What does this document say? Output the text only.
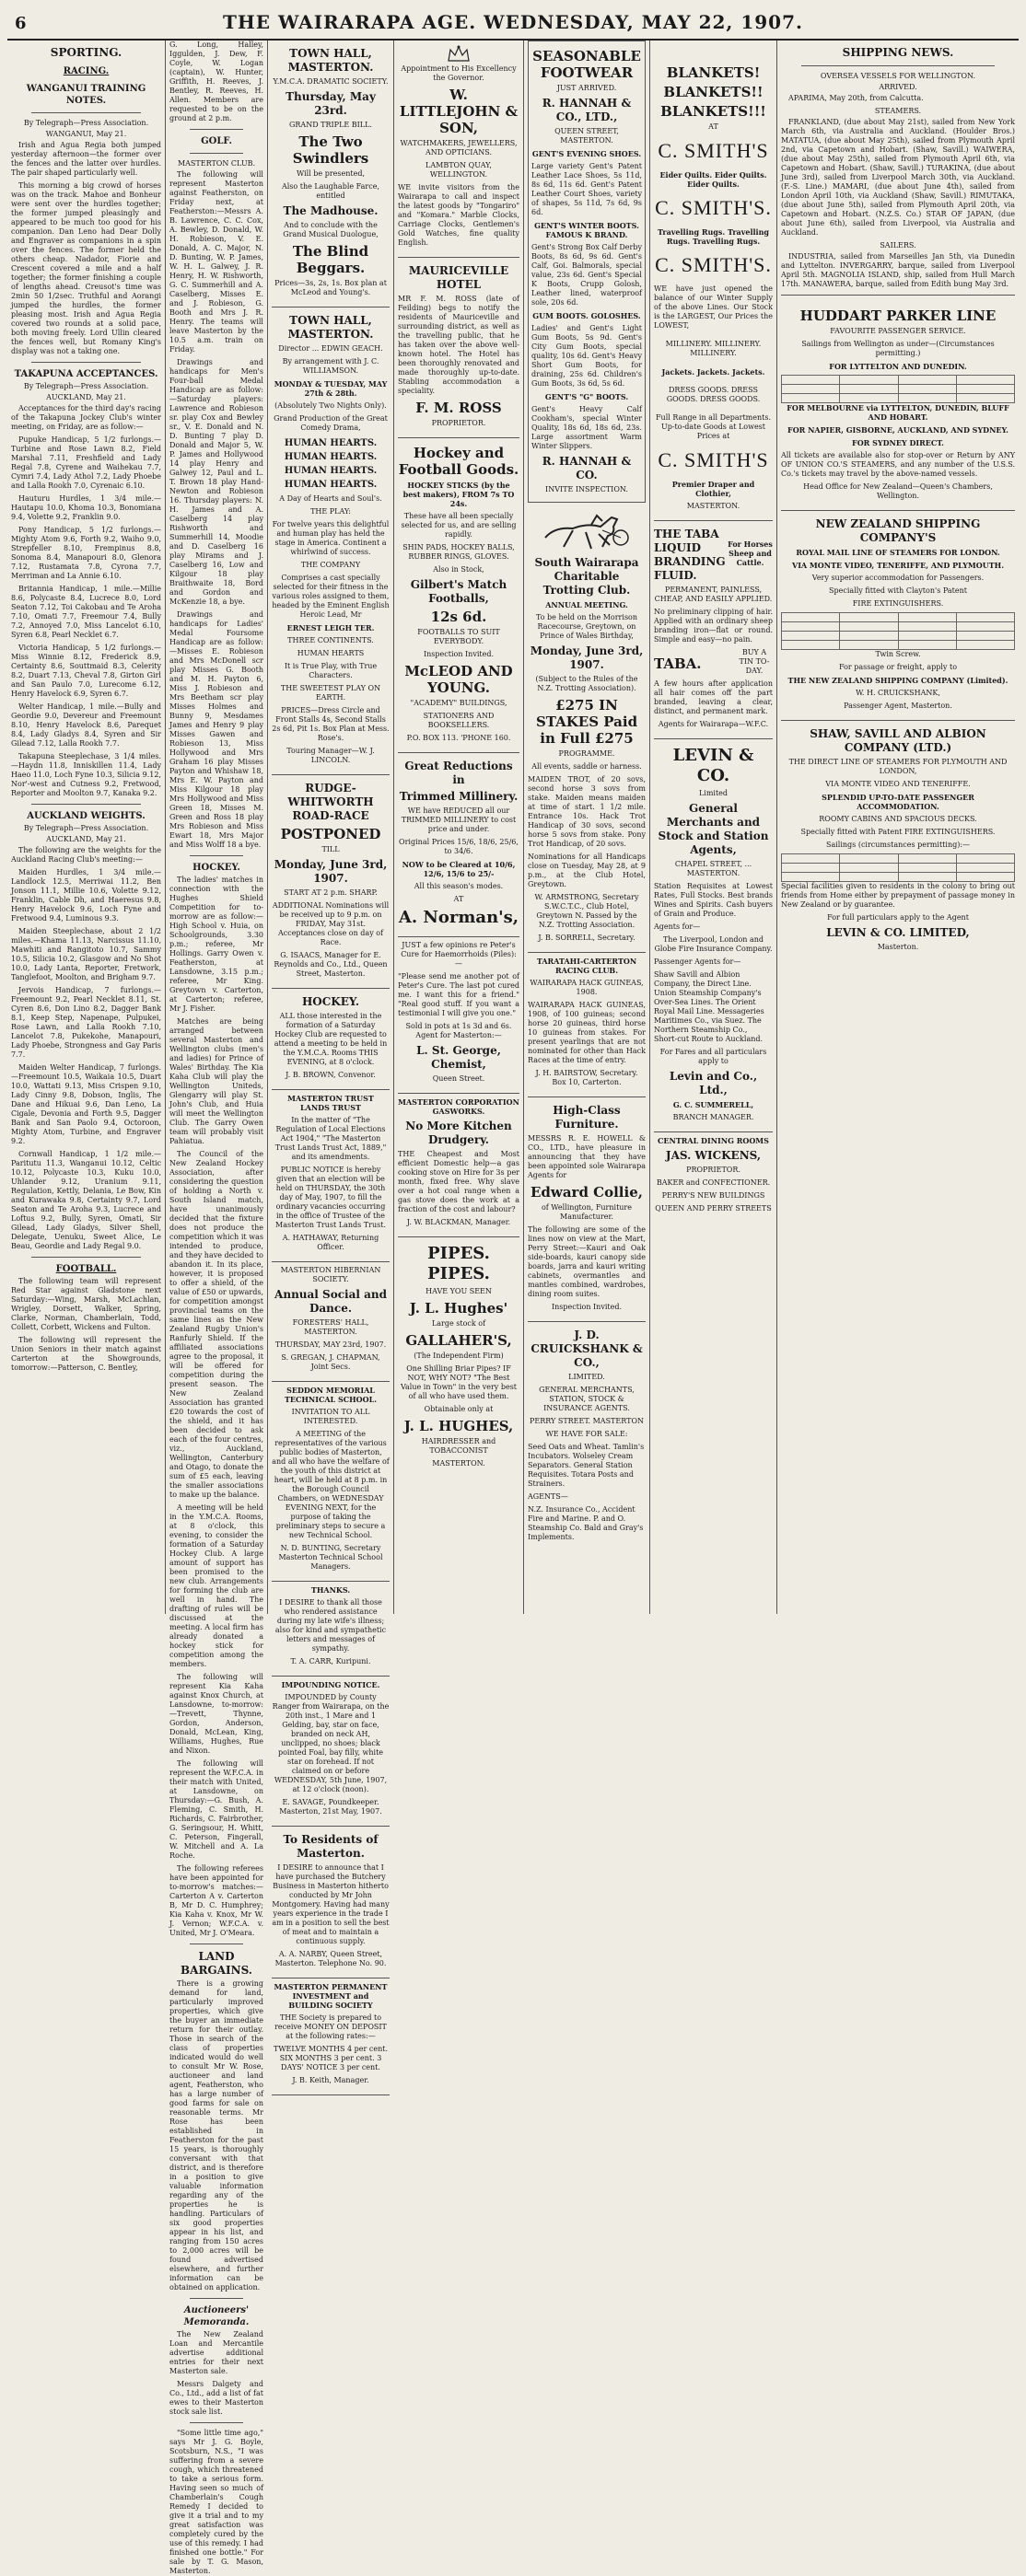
6	THE WAIRARAPA AGE. WEDNESDAY, MAY 22, 1907.
SPORTING.
RACING.
WANGANUI TRAINING NOTES.
By Telegraph—Press Association.
WANGANUI, May 21.

Irish and Agua Regia both jumped yesterday afternoon—the former over the fences and the latter over hurdles. The pair shaped particularly well.

This morning a big crowd of horses was on the track. Mahoe and Bonheur were sent over the hurdles together; the former jumped pleasingly and appeared to be much too good for his companion. Dan Leno had Dear Dolly and Engraver as companions in a spin over the fences. The former held the others cheap. Nadador, Fiorie and Crescent covered a mile and a half together; the former finishing a couple of lengths ahead. Creusot's time was 2min 50 1/2sec. Truthful and Aorangi jumped the hurdles, the former pleasing most. Irish and Agua Regia covered two rounds at a solid pace, both moving freely. Lord Ullin cleared the fences well, but Romany King's display was not a taking one.

TAKAPUNA ACCEPTANCES.
By Telegraph—Press Association.
AUCKLAND, May 21.

Acceptances for the third day's racing of the Takapuna Jockey Club's winter meeting, on Friday, are as follow:—

Pupuke Handicap, 5 1/2 furlongs.—Turbine and Rose Lawn 8.2, Field Marshal 7.11, Freshfield and Lady Regal 7.8, Cyrene and Waihekau 7.7, Cymri 7.4, Lady Athol 7.2, Lady Phoebe and Lalla Rookh 7.0, Cyrenaic 6.10.

Hauturu Hurdles, 1 3/4 mile.—Hautapu 10.0, Khoma 10.3, Bonomiana 9.4, Volette 9.2, Franklin 9.0.

Pony Handicap, 5 1/2 furlongs.—Mighty Atom 9.6, Forth 9.2, Waiho 9.0, Strepfeller 8.10, Frempinus 8.8, Sonoma 8.4, Manapouri 8.0, Glenora 7.12, Rustamata 7.8, Cyrona 7.7, Merriman and La Annie 6.10.

Britannia Handicap, 1 mile.—Millie 8.6, Polycaste 8.4, Lucrece 8.0, Lord Seaton 7.12, Toi Cakobau and Te Aroha 7.10, Omati 7.7, Freemour 7.4, Bully 7.2, Annoyed 7.0, Miss Lancelot 6.10, Syren 6.8, Pearl Necklet 6.7.

Victoria Handicap, 5 1/2 furlongs.—Miss Winnie 8.12, Frederick 8.9, Certainty 8.6, Souttmaid 8.3, Celerity 8.2, Duart 7.13, Cheval 7.8, Girton Girl and San Paulo 7.0, Lurecome 6.12, Henry Havelock 6.9, Syren 6.7.

Welter Handicap, 1 mile.—Bully and Geordie 9.0, Devereur and Freemount 8.10, Henry Havelock 8.6, Parequet 8.4, Lady Gladys 8.4, Syren and Sir Gilead 7.12, Lalla Rookh 7.7.

Takapuna Steeplechase, 3 1/4 miles.—Haydn 11.8, Inniskillen 11.4, Lady Haeo 11.0, Loch Fyne 10.3, Silicia 9.12, Nor'-west and Cutness 9.2, Fretwood, Reporter and Moolton 9.7, Kanaka 9.2.

AUCKLAND WEIGHTS.
By Telegraph—Press Association.
AUCKLAND, May 21.

The following are the weights for the Auckland Racing Club's meeting:—

Maiden Hurdles, 1 3/4 mile.—Landlock 12.5, Merriwai 11.2, Ben Jonson 11.1, Millie 10.6, Volette 9.12, Franklin, Cable Dh, and Haeresus 9.8, Henry Havelock 9.6, Loch Fyne and Fretwood 9.4, Luminous 9.3.

Maiden Steeplechase, about 2 1/2 miles.—Khama 11.13, Narcissus 11.10, Mawhiti and Rangitoto 10.7, Sammy 10.5, Silicia 10.2, Glasgow and No Shot 10.0, Lady Lanta, Reporter, Fretwork, Tanglefoot, Moolton, and Brigham 9.7.

Jervois Handicap, 7 furlongs.—Freemount 9.2, Pearl Necklet 8.11, St. Cyren 8.6, Don Lino 8.2, Dagger Bank 8.1, Keep Step, Napenape, Pulpukei, Rose Lawn, and Lalla Rookh 7.10, Lancelot 7.8, Pukekohe, Manapouri, Lady Phoebe, Strongness and Gay Paris 7.7.

Maiden Welter Handicap, 7 furlongs.—Freemount 10.5, Waikaia 10.5, Duart 10.0, Wattati 9.13, Miss Crispen 9.10, Lady Cinny 9.8, Dobson, Inglis, The Dane and Hikuai 9.6, Dan Leno, La Cigale, Devonia and Forth 9.5, Dagger Bank and San Paolo 9.4, Octoroon, Mighty Atom, Turbine, and Engraver 9.2.

Cornwall Handicap, 1 1/2 mile.—Paritutu 11.3, Wanganui 10.12, Celtic 10.12, Polycaste 10.3, Kuku 10.0, Uhlander 9.12, Uranium 9.11, Regulation, Kettly, Delania, Le Bow, Kin and Kurawaka 9.8, Certainty 9.7, Lord Seaton and Te Aroha 9.3, Lucrece and Loftus 9.2, Bully, Syren, Omati, Sir Gilead, Lady Gladys, Silver Shell, Delegate, Uenuku, Sweet Alice, Le Beau, Geordie and Lady Regal 9.0.

FOOTBALL.

The following team will represent Red Star against Gladstone next Saturday:—Wing, Marsh, McLachlan, Wrigley, Dorsett, Walker, Spring, Clarke, Norman, Chamberlain, Todd, Collett, Corbett, Wickens and Fulton.

The following will represent the Union Seniors in their match against Carterton at the Showgrounds, tomorrow:—Patterson, C. Bentley,

G. Long, Halley, Iggulden, J. Dew, F. Coyle, W. Logan (captain), W. Hunter, Griffith, H. Reeves, J. Bentley, R. Reeves, H. Allen. Members are requested to be on the ground at 2 p.m.

GOLF.
MASTERTON CLUB.

The following will represent Masterton against Featherston, on Friday next, at Featherston:—Messrs A. B. Lawrence, C. C. Cox, A. Bewley, D. Donald, W. H. Robieson, V. E. Donald, A. C. Major, N. D. Bunting, W. P. James, W. H. L. Galwey, J. R. Henry, H. W. Rishworth, G. C. Summerhill and A. Caselberg, Misses E. and J. Robieson, G. Booth and Mrs J. R. Henry. The teams will leave Masterton by the 10.5 a.m. train on Friday.

Drawings and handicaps for Men's Four-ball Medal Handicap are as follow:—Saturday players: Lawrence and Robieson sr. play Cox and Bewley sr., V. E. Donald and N. D. Bunting 7 play D. Donald and Major 5, W. P. James and Hollywood 14 play Henry and Galwey 12, Paul and L. T. Brown 18 play Hand-Newton and Robieson 16. Thursday players: N. H. James and A. Caselberg 14 play Rishworth and Summerhill 14, Moodie and D. Caselberg 16 play Mirams and J. Caselberg 16, Low and Kilgour 18 play Braithwaite 18, Bord and Gordon and McKenzie 18, a bye.

Drawings and handicaps for Ladies' Medal Foursome Handicap are as follow:—Misses E. Robieson and Mrs McDonell scr play Misses G. Booth and M. H. Payton 6, Miss J. Robieson and Mrs Beetham scr play Misses Holmes and Bunny 9, Mesdames James and Henry 9 play Misses Gawen and Robieson 13, Miss Hollywood and Mrs Graham 16 play Misses Payton and Whishaw 18, Mrs E. W. Payton and Miss Kilgour 18 play Mrs Hollywood and Miss Green 18, Misses M. Green and Ross 18 play Mrs Robieson and Miss Ewart 18, Mrs Major and Miss Wolff 18 a bye.

HOCKEY.

The ladies' matches in connection with the Hughes Shield Competition for to-morrow are as follow:—High School v. Huia, on Schoolgrounds, 3.30 p.m.; referee, Mr Hollings. Garry Owen v. Featherston, at Lansdowne, 3.15 p.m.; referee, Mr King. Greytown v. Carterton, at Carterton; referee, Mr J. Fisher.

Matches are being arranged between several Masterton and Wellington clubs (men's and ladies) for Prince of Wales' Birthday. The Kia Kaha Club will play the Wellington Uniteds, Glengarry will play St. John's Club, and Huia will meet the Wellington Club. The Garry Owen team will probably visit Pahiatua.

The Council of the New Zealand Hockey Association, after considering the question of holding a North v. South Island match, have unanimously decided that the fixture does not produce the competition which it was intended to produce, and they have decided to abandon it. In its place, however, it is proposed to offer a shield, of the value of £50 or upwards, for competition amongst provincial teams on the same lines as the New Zealand Rugby Union's Ranfurly Shield. If the affiliated associations agree to the proposal, it will be offered for competition during the present season. The New Zealand Association has granted £20 towards the cost of the shield, and it has been decided to ask each of the four centres, viz., Auckland, Wellington, Canterbury and Otago, to donate the sum of £5 each, leaving the smaller associations to make up the balance.

A meeting will be held in the Y.M.C.A. Rooms, at 8 o'clock, this evening, to consider the formation of a Saturday Hockey Club. A large amount of support has been promised to the new club. Arrangements for forming the club are well in hand. The drafting of rules will be discussed at the meeting. A local firm has already donated a hockey stick for competition among the members.

The following will represent Kia Kaha against Knox Church, at Lansdowne, to-morrow:—Trevett, Thynne, Gordon, Anderson, Donald, McLean, King, Williams, Hughes, Rue and Nixon.

The following will represent the W.F.C.A. in their match with United, at Lansdowne, on Thursday:—G. Bush, A. Fleming, C. Smith, H. Richards, C. Fairbrother, G. Seringsour, H. Whitt, C. Peterson, Fingerall, W. Mitchell and A. La Roche.

The following referees have been appointed for to-morrow's matches:—Carterton A v. Carterton B, Mr D. C. Humphrey; Kia Kaha v. Knox, Mr W. J. Vernon; W.F.C.A. v. United, Mr J. O'Meara.

LAND BARGAINS.

There is a growing demand for land, particularly improved properties, which give the buyer an immediate return for their outlay. Those in search of the class of properties indicated would do well to consult Mr W. Rose, auctioneer and land agent, Featherston, who has a large number of good farms for sale on reasonable terms. Mr Rose has been established in Featherston for the past 15 years, is thoroughly conversant with that district, and is therefore in a position to give valuable information regarding any of the properties he is handling. Particulars of six good properties appear in his list, and ranging from 150 acres to 2,000 acres will be found advertised elsewhere, and further information can be obtained on application.

Auctioneers' Memoranda.

The New Zealand Loan and Mercantile advertise additional entries for their next Masterton sale.

Messrs Dalgety and Co., Ltd., add a list of fat ewes to their Masterton stock sale list.

"Some little time ago," says Mr J. G. Boyle, Scotsburn, N.S., "I was suffering from a severe cough, which threatened to take a serious form. Having seen so much of Chamberlain's Cough Remedy I decided to give it a trial and to my great satisfaction was completely cured by the use of this remedy. I had finished one bottle." For sale by T. G. Mason, Masterton.

TOWN HALL, MASTERTON.

Y.M.C.A. DRAMATIC SOCIETY.

Thursday, May 23rd.

GRAND TRIPLE BILL.

The Two Swindlers

Will be presented,

Also the Laughable Farce, entitled

The Madhouse.

And to conclude with the Grand Musical Duologue,

The Blind Beggars.

Prices—3s, 2s, 1s. Box plan at McLeod and Young's.

TOWN HALL, MASTERTON.

Director ... EDWIN GEACH.

By arrangement with J. C. WILLIAMSON.

MONDAY & TUESDAY, MAY 27th & 28th.

(Absolutely Two Nights Only).

Grand Production of the Great Comedy Drama,

HUMAN HEARTS. HUMAN HEARTS. HUMAN HEARTS. HUMAN HEARTS.

A Day of Hearts and Soul's.

THE PLAY:

For twelve years this delightful and human play has held the stage in America. Continent a whirlwind of success.

THE COMPANY

Comprises a cast specially selected for their fitness in the various roles assigned to them, headed by the Eminent English Heroic Lead, Mr

ERNEST LEIGH TER.

THREE CONTINENTS.

HUMAN HEARTS

It is True Play, with True Characters.

THE SWEETEST PLAY ON EARTH.

PRICES—Dress Circle and Front Stalls 4s, Second Stalls 2s 6d, Pit 1s. Box Plan at Mess. Rose's.

Touring Manager—W. J. LINCOLN.

RUDGE-WHITWORTH ROAD-RACE
POSTPONED

TILL

Monday, June 3rd, 1907.

START AT 2 p.m. SHARP.

ADDITIONAL Nominations will be received up to 9 p.m. on FRIDAY, May 31st. Acceptances close on day of Race.

G. ISAACS, Manager for E. Reynolds and Co., Ltd., Queen Street, Masterton.

HOCKEY.

ALL those interested in the formation of a Saturday Hockey Club are requested to attend a meeting to be held in the Y.M.C.A. Rooms THIS EVENING, at 8 o'clock.

J. B. BROWN, Convenor.

MASTERTON TRUST LANDS TRUST

In the matter of "The Regulation of Local Elections Act 1904," "The Masterton Trust Lands Trust Act, 1889," and its amendments.

PUBLIC NOTICE is hereby given that an election will be held on THURSDAY, the 30th day of May, 1907, to fill the ordinary vacancies occurring in the office of Trustee of the Masterton Trust Lands Trust.

A. HATHAWAY, Returning Officer.

MASTERTON HIBERNIAN SOCIETY.

Annual Social and Dance.

FORESTERS' HALL, MASTERTON.

THURSDAY, MAY 23rd, 1907.

S. GREGAN, J. CHAPMAN, Joint Secs.

SEDDON MEMORIAL TECHNICAL SCHOOL.

INVITATION TO ALL INTERESTED.

A MEETING of the representatives of the various public bodies of Masterton, and all who have the welfare of the youth of this district at heart, will be held at 8 p.m. in the Borough Council Chambers, on WEDNESDAY EVENING NEXT, for the purpose of taking the preliminary steps to secure a new Technical School.

N. D. BUNTING, Secretary Masterton Technical School Managers.

THANKS.

I DESIRE to thank all those who rendered assistance during my late wife's illness; also for kind and sympathetic letters and messages of sympathy.

T. A. CARR, Kuripuni.

IMPOUNDING NOTICE.

IMPOUNDED by County Ranger from Wairarapa, on the 20th inst., 1 Mare and 1 Gelding, bay, star on face, branded on neck AH, unclipped, no shoes; black pointed Foal, bay filly, white star on forehead. If not claimed on or before WEDNESDAY, 5th June, 1907, at 12 o'clock (noon).

E. SAVAGE, Poundkeeper. Masterton, 21st May, 1907.

To Residents of Masterton.

I DESIRE to announce that I have purchased the Butchery Business in Masterton hitherto conducted by Mr John Montgomery. Having had many years experience in the trade I am in a position to sell the best of meat and to maintain a continuous supply.

A. A. NARBY, Queen Street, Masterton. Telephone No. 90.

MASTERTON PERMANENT INVESTMENT and BUILDING SOCIETY

THE Society is prepared to receive MONEY ON DEPOSIT at the following rates:—

TWELVE MONTHS 4 per cent. SIX MONTHS 3 per cent. 3 DAYS' NOTICE 3 per cent.

J. B. Keith, Manager.

Appointment to His Excellency the Governor.

W. LITTLEJOHN & SON,

WATCHMAKERS, JEWELLERS, AND OPTICIANS.

LAMBTON QUAY, WELLINGTON.

WE invite visitors from the Wairarapa to call and inspect the latest goods by "Tongariro" and "Komara." Marble Clocks, Carriage Clocks, Gentlemen's Gold Watches, fine quality English.

MAURICEVILLE HOTEL

MR F. M. ROSS (late of Feilding) begs to notify the residents of Mauriceville and surrounding district, as well as the travelling public, that he has taken over the above well-known hotel. The Hotel has been thoroughly renovated and made thoroughly up-to-date. Stabling accommodation a speciality.

F. M. ROSS

PROPRIETOR.

Hockey and Football Goods.

HOCKEY STICKS (by the best makers), FROM 7s TO 24s.

These have all been specially selected for us, and are selling rapidly.

SHIN PADS, HOCKEY BALLS, RUBBER RINGS, GLOVES.

Also in Stock,

Gilbert's Match Footballs,
12s 6d.

FOOTBALLS TO SUIT EVERYBODY.

Inspection Invited.

McLEOD AND YOUNG.

"ACADEMY" BUILDINGS,

STATIONERS AND BOOKSELLERS.

P.O. BOX 113. 'PHONE 160.

Great Reductions in
Trimmed Millinery.

WE have REDUCED all our TRIMMED MILLINERY to cost price and under.

Original Prices 15/6, 18/6, 25/6, to 34/6.

NOW to be Cleared at 10/6, 12/6, 15/6 to 25/-

All this season's modes.

AT

A. Norman's,

JUST a few opinions re Peter's Cure for Haemorrhoids (Piles):—

"Please send me another pot of Peter's Cure. The last pot cured me. I want this for a friend." "Real good stuff. If you want a testimonial I will give you one."

Sold in pots at 1s 3d and 6s. Agent for Masterton:—

L. St. George, Chemist,

Queen Street.

MASTERTON CORPORATION GASWORKS.

No More Kitchen Drudgery.

THE Cheapest and Most efficient Domestic help—a gas cooking stove on Hire for 3s per month, fixed free. Why slave over a hot coal range when a gas stove does the work at a fraction of the cost and labour?

J. W. BLACKMAN, Manager.

PIPES. PIPES.

HAVE YOU SEEN

J. L. Hughes'

Large stock of

GALLAHER'S,

(The Independent Firm)

One Shilling Briar Pipes? IF NOT, WHY NOT? "The Best Value in Town" in the very best of all who have used them.

Obtainable only at

J. L. HUGHES,

HAIRDRESSER and TOBACCONIST

MASTERTON.

SEASONABLE FOOTWEAR

JUST ARRIVED.

R. HANNAH & CO., LTD.,

QUEEN STREET, MASTERTON.

GENT'S EVENING SHOES.

Large variety Gent's Patent Leather Lace Shoes, 5s 11d, 8s 6d, 11s 6d. Gent's Patent Leather Court Shoes, variety of shapes, 5s 11d, 7s 6d, 9s 6d.

GENT'S WINTER BOOTS. FAMOUS K BRAND.

Gent's Strong Box Calf Derby Boots, 8s 6d, 9s 6d. Gent's Calf, Goi. Balmorals, special value, 23s 6d. Gent's Special K Boots, Crupp Golosh, Leather lined, waterproof sole, 20s 6d.

GUM BOOTS. GOLOSHES.

Ladies' and Gent's Light Gum Boots, 5s 9d. Gent's City Gum Boots, special quality, 10s 6d. Gent's Heavy Short Gum Boots, for draining, 25s 6d. Children's Gum Boots, 3s 6d, 5s 6d.

GENT'S "G" BOOTS.

Gent's Heavy Calf Cookham's, special Winter Quality, 18s 6d, 18s 6d, 23s. Large assortment Warm Winter Slippers.

R. HANNAH & CO.

INVITE INSPECTION.

South Wairarapa Charitable Trotting Club.

ANNUAL MEETING.

To be held on the Morrison Racecourse, Greytown, on Prince of Wales Birthday,

Monday, June 3rd, 1907.

(Subject to the Rules of the N.Z. Trotting Association).

£275 IN STAKES Paid in Full £275

PROGRAMME.

All events, saddle or harness.

MAIDEN TROT, of 20 sovs, second horse 3 sovs from stake. Maiden means maiden at time of start. 1 1/2 mile. Entrance 10s. Hack Trot Handicap of 30 sovs, second horse 5 sovs from stake. Pony Trot Handicap, of 20 sovs.

Nominations for all Handicaps close on Tuesday, May 28, at 9 p.m., at the Club Hotel, Greytown.

W. ARMSTRONG, Secretary S.W.C.T.C., Club Hotel, Greytown N. Passed by the N.Z. Trotting Association.

J. B. SORRELL, Secretary.

TARATAHI-CARTERTON RACING CLUB.

WAIRARAPA HACK GUINEAS, 1908.

WAIRARAPA HACK GUINEAS, 1908, of 100 guineas; second horse 20 guineas, third horse 10 guineas from stakes. For present yearlings that are not nominated for other than Hack Races at the time of entry.

J. H. BAIRSTOW, Secretary. Box 10, Carterton.

High-Class Furniture.

MESSRS R. E. HOWELL & CO., LTD., have pleasure in announcing that they have been appointed sole Wairarapa Agents for

Edward Collie,

of Wellington, Furniture Manufacturer.

The following are some of the lines now on view at the Mart, Perry Street:—Kauri and Oak side-boards, kauri canopy side boards, jarra and kauri writing cabinets, overmantles and mantles combined, wardrobes, dining room suites.

Inspection Invited.

J. D. CRUICKSHANK & CO.,

LIMITED.

GENERAL MERCHANTS, STATION, STOCK & INSURANCE AGENTS.

PERRY STREET. MASTERTON

WE HAVE FOR SALE:

Seed Oats and Wheat. Tamlin's Incubators. Wolseley Cream Separators. General Station Requisites. Totara Posts and Strainers.

AGENTS—

N.Z. Insurance Co., Accident Fire and Marine. P. and O. Steamship Co. Bald and Gray's Implements.

BLANKETS!
BLANKETS!!
BLANKETS!!!

AT

C. SMITH'S

Eider Quilts. Eider Quilts. Eider Quilts.

C. SMITH'S.

Travelling Rugs. Travelling Rugs. Travelling Rugs.

C. SMITH'S.

WE have just opened the balance of our Winter Supply of the above Lines. Our Stock is the LARGEST, Our Prices the LOWEST,

MILLINERY. MILLINERY. MILLINERY.

Jackets. Jackets. Jackets.

DRESS GOODS. DRESS GOODS. DRESS GOODS.

Full Range in all Departments. Up-to-date Goods at Lowest Prices at

C. SMITH'S

Premier Draper and Clothier,

MASTERTON.

THE TABA LIQUID BRANDING FLUID.

For Horses Sheep and Cattle.

PERMANENT, PAINLESS, CHEAP, AND EASILY APPLIED.

No preliminary clipping of hair. Applied with an ordinary sheep branding iron—flat or round. Simple and easy—no pain.

TABA.

BUY A TIN TO-DAY.

A few hours after application all hair comes off the part branded, leaving a clear, distinct, and permanent mark.

Agents for Wairarapa—W.F.C.

LEVIN & CO.

Limited

General Merchants and Stock and Station Agents,

CHAPEL STREET, ... MASTERTON.

Station Requisites at Lowest Rates, Full Stocks. Best brands Wines and Spirits. Cash buyers of Grain and Produce.

Agents for—

The Liverpool, London and Globe Fire Insurance Company.

Passenger Agents for—

Shaw Savill and Albion Company, the Direct Line. Union Steamship Company's Over-Sea Lines. The Orient Royal Mail Line. Messageries Maritimes Co., via Suez. The Northern Steamship Co., Short-cut Route to Auckland.

For Fares and all particulars apply to

Levin and Co., Ltd.,

G. C. SUMMERELL,

BRANCH MANAGER.

CENTRAL DINING ROOMS

JAS. WICKENS,

PROPRIETOR.

BAKER and CONFECTIONER.

PERRY'S NEW BUILDINGS

QUEEN AND PERRY STREETS

SHIPPING NEWS.
OVERSEA VESSELS FOR WELLINGTON.
ARRIVED.

APARIMA, May 20th, from Calcutta.

STEAMERS.

FRANKLAND, (due about May 21st), sailed from New York March 6th, via Australia and Auckland. (Houlder Bros.) MATATUA, (due about May 25th), sailed from Plymouth April 2nd, via Capetown and Hobart. (Shaw, Savill.) WAIWERA, (due about May 25th), sailed from Plymouth April 6th, via Capetown and Hobart. (Shaw, Savill.) TURAKINA, (due about June 3rd), sailed from Liverpool March 30th, via Auckland. (F.-S. Line.) MAMARI, (due about June 4th), sailed from London April 10th, via Auckland (Shaw, Savill.) RIMUTAKA, (due about June 5th), sailed from Plymouth April 20th, via Capetown and Hobart. (N.Z.S. Co.) STAR OF JAPAN, (due about June 6th), sailed from Liverpool, via Australia and Auckland.

SAILERS.

INDUSTRIA, sailed from Marseilles Jan 5th, via Dunedin and Lyttelton. INVERGARRY, barque, sailed from Liverpool April 5th. MAGNOLIA ISLAND, ship, sailed from Hull March 17th. MANAWERA, barque, sailed from Edith bung May 3rd.

HUDDART PARKER LINE

FAVOURITE PASSENGER SERVICE.

Sailings from Wellington as under—(Circumstances permitting.)

FOR LYTTELTON AND DUNEDIN.

FOR MELBOURNE via LYTTELTON, DUNEDIN, BLUFF AND HOBART.

FOR NAPIER, GISBORNE, AUCKLAND, AND SYDNEY.

FOR SYDNEY DIRECT.

All tickets are available also for stop-over or Return by ANY OF UNION CO.'S STEAMERS, and any number of the U.S.S. Co.'s tickets may travel by the above-named vessels.

Head Office for New Zealand—Queen's Chambers, Wellington.

NEW ZEALAND SHIPPING COMPANY'S

ROYAL MAIL LINE OF STEAMERS FOR LONDON.

VIA MONTE VIDEO, TENERIFFE, AND PLYMOUTH.

Very superior accommodation for Passengers.

Specially fitted with Clayton's Patent

FIRE EXTINGUISHERS.

Twin Screw.

For passage or freight, apply to

THE NEW ZEALAND SHIPPING COMPANY (Limited).

W. H. CRUICKSHANK,

Passenger Agent, Masterton.

SHAW, SAVILL AND ALBION COMPANY (LTD.)

THE DIRECT LINE OF STEAMERS FOR PLYMOUTH AND LONDON,

VIA MONTE VIDEO AND TENERIFFE.

SPLENDID UP-TO-DATE PASSENGER ACCOMMODATION.

ROOMY CABINS AND SPACIOUS DECKS.

Specially fitted with Patent FIRE EXTINGUISHERS.

Sailings (circumstances permitting):—

Special facilities given to residents in the colony to bring out friends from Home either by prepayment of passage money in New Zealand or by guarantee.

For full particulars apply to the Agent

LEVIN & CO. LIMITED,

Masterton.
